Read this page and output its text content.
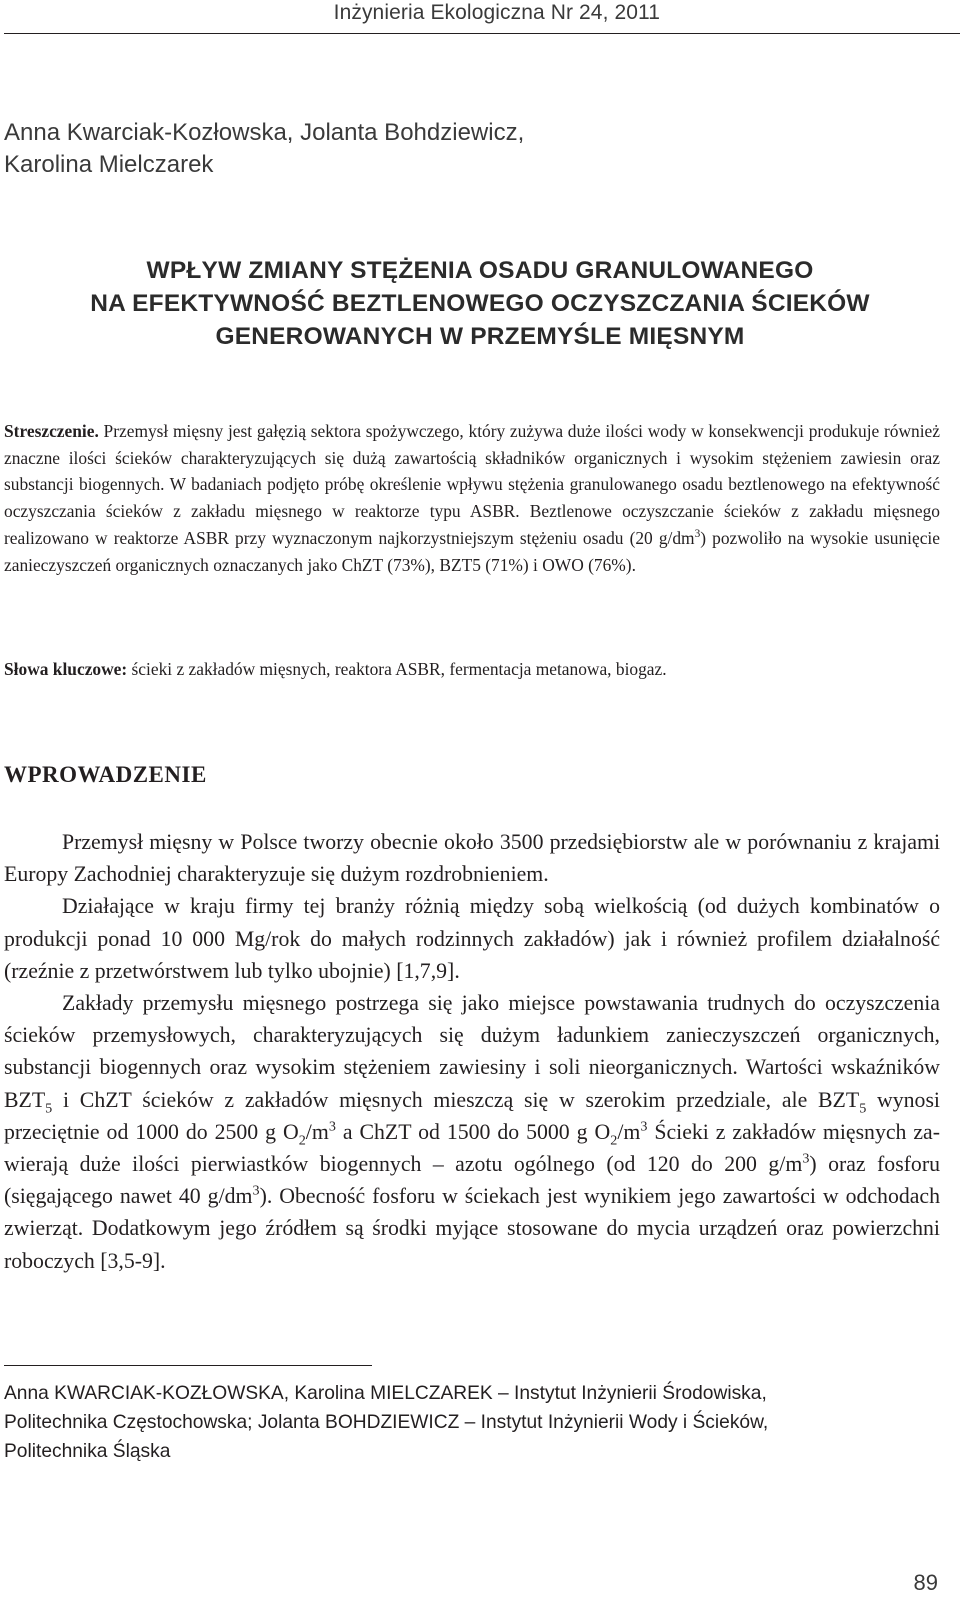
Inżynieria Ekologiczna Nr 24, 2011
Anna Kwarciak-Kozłowska, Jolanta Bohdziewicz,
Karolina Mielczarek
WPŁYW ZMIANY STĘŻENIA OSADU GRANULOWANEGO
NA EFEKTYWNOŚĆ BEZTLENOWEGO OCZYSZCZANIA ŚCIEKÓW
GENEROWANYCH W PRZEMYŚLE MIĘSNYM
Streszczenie. Przemysł mięsny jest gałęzią sektora spożywczego, który zużywa duże ilości wody w konsekwencji produkuje również znaczne ilości ścieków charakteryzujących się dużą zawartością składników organicznych i wysokim stężeniem zawiesin oraz substancji biogennych. W badaniach podjęto próbę określenie wpływu stężenia granulowanego osadu beztlenowego na efektywność oczyszczania ścieków z zakładu mięsnego w reaktorze typu ASBR. Beztlenowe oczyszczanie ścieków z zakładu mięsnego realizowano w reaktorze ASBR przy wyznaczonym najkorzystniejszym stężeniu osadu (20 $g/dm^3$) pozwoliło na wysokie usunięcie zanieczyszczeń organicznych oznaczanych jako ChZT (73%), BZT5 (71%) i OWO (76%).
Słowa kluczowe: ścieki z zakładów mięsnych, reaktora ASBR, fermentacja metanowa, biogaz.
WPROWADZENIE

Przemysł mięsny w Polsce tworzy obecnie około 3500 przedsiębiorstw ale w porównaniu z krajami Europy Zachodniej charakteryzuje się dużym rozdrobnieniem.

Działające w kraju firmy tej branży różnią między sobą wielkością (od dużych kombinatów o produkcji ponad 10 000 Mg/rok do małych rodzinnych zakładów) jak i również profilem działalność (rzeźnie z przetwórstwem lub tylko ubojnie) [1,7,9].

Zakłady przemysłu mięsnego postrzega się jako miejsce powstawania trudnych do oczyszczenia ścieków przemysłowych, charakteryzujących się dużym ładunkiem zanieczyszczeń organicznych, substancji biogennych oraz wysokim stężeniem zawiesiny i soli nieorganicznych. Wartości wskaźników $BZT_5$ i ChZT ścieków z zakładów mięsnych mieszczą się w szerokim przedziale, ale $BZT_5$ wynosi przeciętnie od 1000 do 2500 g $O_2/m^3$ a ChZT od 1500 do 5000 g $O_2/m^3$ Ścieki z zakładów mięsnych zawierają duże ilości pierwiastków biogennych – azotu ogólnego (od 120 do 200 $g/m^3$) oraz fosforu (sięgającego nawet 40 $g/dm^3$). Obecność fosforu w ściekach jest wynikiem jego zawartości w odchodach zwierząt. Dodatkowym jego źródłem są środki myjące stosowane do mycia urządzeń oraz powierzchni roboczych [3,5-9].

Anna KWARCIAK-KOZŁOWSKA, Karolina MIELCZAREK – Instytut Inżynierii Środowiska,
Politechnika Częstochowska; Jolanta BOHDZIEWICZ – Instytut Inżynierii Wody i Ścieków,
Politechnika Śląska
89
